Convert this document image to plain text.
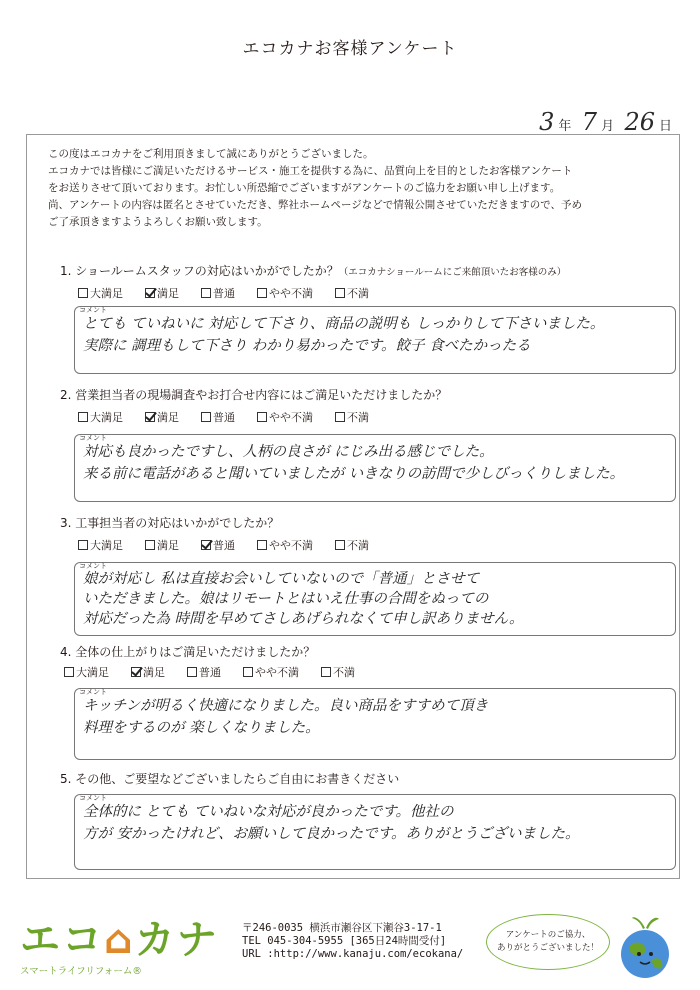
エコカナお客様アンケート
3 年 7 月 26 日
この度はエコカナをご利用頂きまして誠にありがとうございました。
エコカナでは皆様にご満足いただけるサービス・施工を提供する為に、品質向上を目的としたお客様アンケート
をお送りさせて頂いております。お忙しい所恐縮でございますがアンケートのご協力をお願い申し上げます。
尚、アンケートの内容は匿名とさせていただき、弊社ホームページなどで情報公開させていただきますので、予め
ご了承頂きますようよろしくお願い致します。
1. ショールームスタッフの対応はいかがでしたか？（エコカナショールームにご来館頂いたお客様のみ）
大満足	満足	普通	やや不満	不満
コメント
とても ていねいに 対応して下さり、商品の説明も しっかりして下さいました。
実際に 調理もして下さり わかり易かったです。餃子 食べたかったる
2. 営業担当者の現場調査やお打合せ内容にはご満足いただけましたか？
大満足	満足	普通	やや不満	不満
コメント
対応も良かったですし、人柄の良さが にじみ出る感じでした。
来る前に電話があると聞いていましたが いきなりの訪問で少しびっくりしました。
3. 工事担当者の対応はいかがでしたか？
大満足	満足	普通	やや不満	不満
コメント
娘が対応し 私は直接お会いしていないので「普通」とさせて
いただきました。娘はリモートとはいえ仕事の合間をぬっての
対応だった為 時間を早めてさしあげられなくて申し訳ありません。
4. 全体の仕上がりはご満足いただけましたか？
大満足	満足	普通	やや不満	不満
コメント
キッチンが明るく快適になりました。良い商品をすすめて頂き
料理をするのが 楽しくなりました。
5. その他、ご要望などございましたらご自由にお書きください
コメント
全体的に とても ていねいな対応が良かったです。他社の
方が 安かったけれど、お願いして良かったです。ありがとうございました。
エコ⌂カナ
スマートライフリフォーム®
〒246-0035 横浜市瀬谷区下瀬谷3-17-1
TEL 045-304-5955 [365日24時間受付]
URL :http://www.kanaju.com/ecokana/
アンケートのご協力、
ありがとうございました！
